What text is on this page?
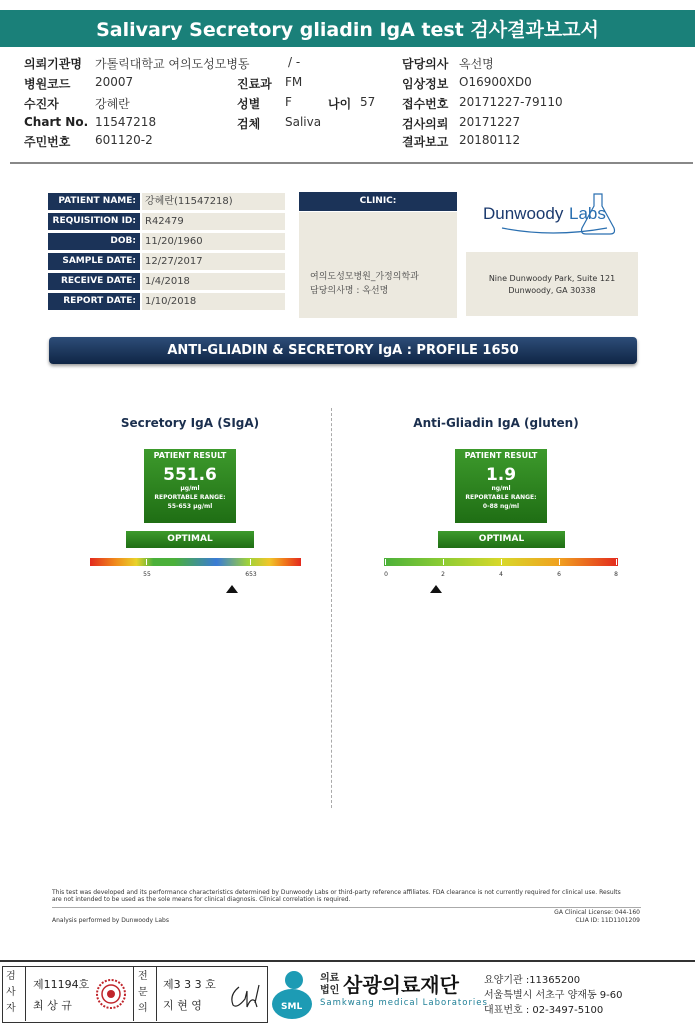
Salivary Secretory gliadin IgA test 검사결과보고서
의뢰기관명 가톨릭대학교 여의도성모병동	/ -	담당의사 옥선명
병원코드 20007	진료과 FM	임상정보 O16900XD0
수진자	강혜란	성별 F	나이 57 접수번호 20171227-79110
Chart No. 11547218	검체 Saliva	검사의뢰 20171227
주민번호 601120-2	결과보고 20180112
PATIENT NAME: 강혜란(11547218)
REQUISITION ID: R42479
DOB: 11/20/1960
SAMPLE DATE: 12/27/2017
RECEIVE DATE: 1/4/2018
REPORT DATE: 1/10/2018
CLINIC:
여의도성모병원_가정의학과
담당의사명 : 옥선명
Dunwoody Labs
Nine Dunwoody Park, Suite 121
Dunwoody, GA 30338
ANTI-GLIADIN & SECRETORY IgA : PROFILE 1650
Secretory IgA (SIgA)
PATIENT RESULT
551.6
μg/ml
REPORTABLE RANGE:
55-653 μg/ml
OPTIMAL
55	653
Anti-Gliadin IgA (gluten)
PATIENT RESULT
1.9
ng/ml
REPORTABLE RANGE:
0-88 ng/ml
OPTIMAL
0	2	4	6	8
This test was developed and its performance characteristics determined by Dunwoody Labs or third-party reference affiliates. FDA clearance is not currently required for clinical use. Results
are not intended to be used as the sole means for clinical diagnosis. Clinical correlation is required.
Analysis performed by Dunwoody Labs
GA Clinical License: 044-160
CLIA ID: 11D1101209
검사자
제11194호
최 상 규
전문의
제3 3 3 호
지 현 영	SML
의료
법인 삼광의료재단
Samkwang medical Laboratories
요양기관 :11365200
서울특별시 서초구 양재동 9-60
대표번호 : 02-3497-5100
